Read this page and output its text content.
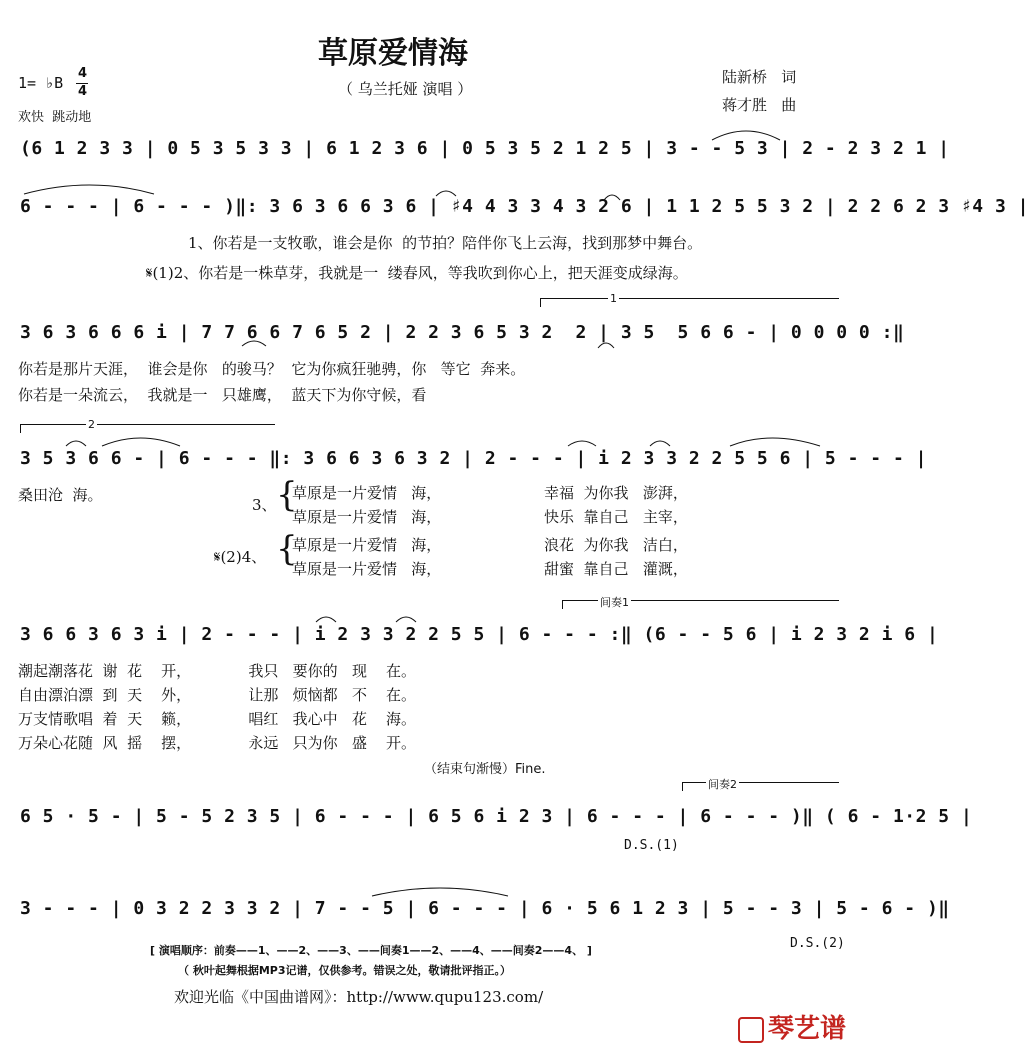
草原爱情海
（ 乌兰托娅 演唱 ）
1= ♭B
4
4
欢快  跳动地
陆新桥   词
蒋才胜   曲
(6 1 2 3 3 | 0 5 3 5 3 3 | 6 1 2 3 6 | 0 5 3 5 2 1 2 5 | 3 - - 5 3 | 2 - 2 3 2 1 |
6 - - - | 6 - - - )‖: 3 6 3 6 6 3 6 | ♯4 4 3 3 4 3 2 6 | 1 1 2 5 5 3 2 | 2 2 6 2 3 ♯4 3 |
1、你若是一支牧歌，谁会是你  的节拍？陪伴你飞上云海，找到那梦中舞台。
𝄋(1)2、你若是一株草芽，我就是一  缕春风，等我吹到你心上，把天涯变成绿海。
1
3 6 3 6 6 6 i | 7 7 6 6 7 6 5 2 | 2 2 3 6 5 3 2  2 | 3 5  5 6 6 - | 0 0 0 0 :‖
你若是那片天涯，  谁会是你   的骏马？  它为你疯狂驰骋，你   等它  奔来。
你若是一朵流云，  我就是一   只雄鹰，  蓝天下为你守候，看
2
3 5 3 6 6 - | 6 - - - ‖: 3 6 6 3 6 3 2 | 2 - - - | i 2 3 3 2 2 5 5 6 | 5 - - - |
桑田沧  海。
3、 {
草原是一片爱情   海，
草原是一片爱情   海，
幸福  为你我   澎湃，
快乐  靠自己   主宰，
𝄋(2)4、 {
草原是一片爱情   海，
草原是一片爱情   海，
浪花  为你我   洁白，
甜蜜  靠自己   灌溉，
间奏1
3 6 6 3 6 3 i | 2 - - - | i 2 3 3 2 2 5 5 | 6 - - - :‖ (6 - - 5 6 | i 2 3 2 i 6 |
潮起潮落花  谢  花    开，            我只   要你的   现    在。
自由漂泊漂  到  天    外，            让那   烦恼都   不    在。
万支情歌唱  着  天    籁，            唱红   我心中   花    海。
万朵心花随  风  摇    摆，            永远   只为你   盛    开。
（结束句渐慢）Fine.
间奏2
6 5 · 5 - | 5 - 5 2 3 5 | 6 - - - | 6 5 6 i 2 3 | 6 - - - | 6 - - - )‖ ( 6 - 1·2 5 |
D.S.(1)
3 - - - | 0 3 2 2 3 3 2 | 7 - - 5 | 6 - - - | 6 · 5 6 1 2 3 | 5 - - 3 | 5 - 6 - )‖
D.S.(2)
[ 演唱顺序：前奏——1、——2、——3、——间奏1——2、——4、——间奏2——4、 ]
（ 秋叶起舞根据MP3记谱，仅供参考。错误之处，敬请批评指正。）
欢迎光临《中国曲谱网》：http://www.qupu123.com/
琴艺谱
